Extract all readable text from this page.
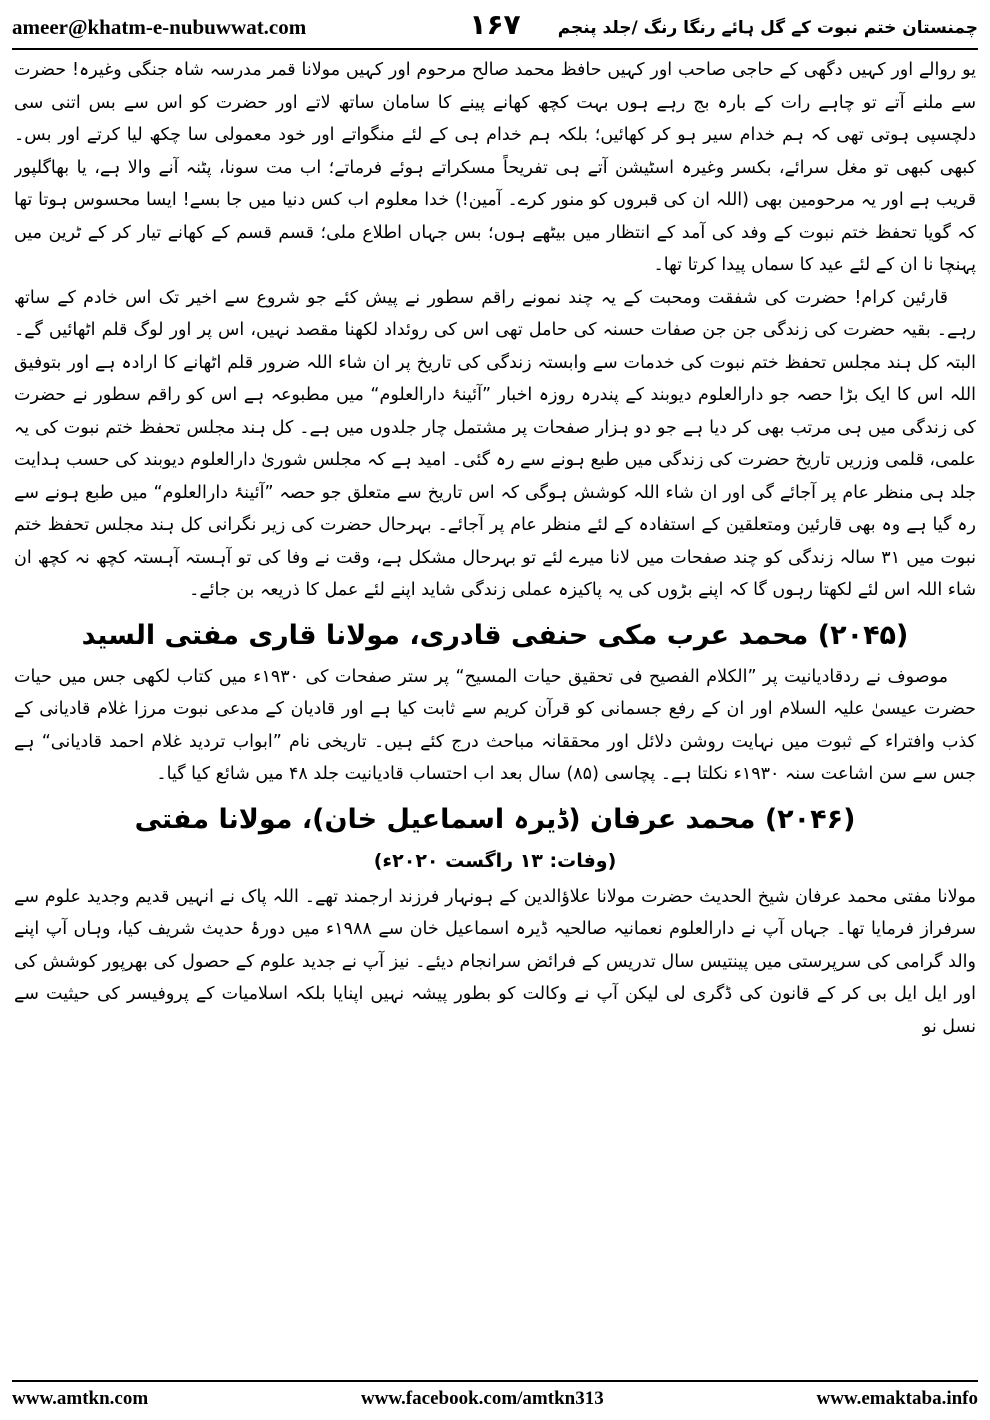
ameer@khatm-e-nubuwwat.com	۱۶۷	چمنستان ختم نبوت کے گل ہائے رنگا رنگ /جلد پنجم

یو روالے اور کہیں دگھی کے حاجی صاحب اور کہیں حافظ محمد صالح مرحوم اور کہیں مولانا قمر مدرسہ شاہ جنگی وغیرہ! حضرت سے ملنے آتے تو چاہے رات کے بارہ بج رہے ہوں بہت کچھ کھانے پینے کا سامان ساتھ لاتے اور حضرت کو اس سے بس اتنی سی دلچسپی ہوتی تھی کہ ہم خدام سیر ہو کر کھائیں؛ بلکہ ہم خدام ہی کے لئے منگواتے اور خود معمولی سا چکھ لیا کرتے اور بس۔ کبھی کبھی تو مغل سرائے، بکسر وغیرہ اسٹیشن آتے ہی تفریحاً مسکراتے ہوئے فرماتے؛ اب مت سونا، پٹنہ آنے والا ہے، یا بھاگلپور قریب ہے اور یہ مرحومین بھی (اللہ ان کی قبروں کو منور کرے۔ آمین!) خدا معلوم اب کس دنیا میں جا بسے! ایسا محسوس ہوتا تھا کہ گویا تحفظ ختم نبوت کے وفد کی آمد کے انتظار میں بیٹھے ہوں؛ بس جہاں اطلاع ملی؛ قسم قسم کے کھانے تیار کر کے ٹرین میں پہنچا نا ان کے لئے عید کا سماں پیدا کرتا تھا۔

قارئین کرام! حضرت کی شفقت ومحبت کے یہ چند نمونے راقم سطور نے پیش کئے جو شروع سے اخیر تک اس خادم کے ساتھ رہے۔ بقیہ حضرت کی زندگی جن جن صفات حسنہ کی حامل تھی اس کی روئداد لکھنا مقصد نہیں، اس پر اور لوگ قلم اٹھائیں گے۔ البتہ کل ہند مجلس تحفظ ختم نبوت کی خدمات سے وابستہ زندگی کی تاریخ پر ان شاء اللہ ضرور قلم اٹھانے کا ارادہ ہے اور بتوفیق اللہ اس کا ایک بڑا حصہ جو دارالعلوم دیوبند کے پندرہ روزہ اخبار ”آئینۂ دارالعلوم“ میں مطبوعہ ہے اس کو راقم سطور نے حضرت کی زندگی میں ہی مرتب بھی کر دیا ہے جو دو ہزار صفحات پر مشتمل چار جلدوں میں ہے۔ کل ہند مجلس تحفظ ختم نبوت کی یہ علمی، قلمی وزریں تاریخ حضرت کی زندگی میں طبع ہونے سے رہ گئی۔ امید ہے کہ مجلس شوریٰ دارالعلوم دیوبند کی حسب ہدایت جلد ہی منظر عام پر آجائے گی اور ان شاء اللہ کوشش ہوگی کہ اس تاریخ سے متعلق جو حصہ ”آئینۂ دارالعلوم“ میں طبع ہونے سے رہ گیا ہے وہ بھی قارئین ومتعلقین کے استفادہ کے لئے منظر عام پر آجائے۔ بہرحال حضرت کی زیر نگرانی کل ہند مجلس تحفظ ختم نبوت میں ۳۱ سالہ زندگی کو چند صفحات میں لانا میرے لئے تو بہرحال مشکل ہے، وقت نے وفا کی تو آہستہ آہستہ کچھ نہ کچھ ان شاء اللہ اس لئے لکھتا رہوں گا کہ اپنے بڑوں کی یہ پاکیزہ عملی زندگی شاید اپنے لئے عمل کا ذریعہ بن جائے۔

(۲۰۴۵) محمد عرب مکی حنفی قادری، مولانا قاری مفتی السید

موصوف نے ردقادیانیت پر ”الکلام الفصیح فی تحقیق حیات المسیح“ پر ستر صفحات کی ۱۹۳۰ء میں کتاب لکھی جس میں حیات حضرت عیسیٰ علیہ السلام اور ان کے رفع جسمانی کو قرآن کریم سے ثابت کیا ہے اور قادیان کے مدعی نبوت مرزا غلام قادیانی کے کذب وافتراء کے ثبوت میں نہایت روشن دلائل اور محققانہ مباحث درج کئے ہیں۔ تاریخی نام ”ابواب تردید غلام احمد قادیانی“ ہے جس سے سن اشاعت سنہ ۱۹۳۰ء نکلتا ہے۔ پچاسی (۸۵) سال بعد اب احتساب قادیانیت جلد ۴۸ میں شائع کیا گیا۔

(۲۰۴۶) محمد عرفان (ڈیرہ اسماعیل خان)، مولانا مفتی
(وفات: ۱۳ راگست ۲۰۲۰ء)

مولانا مفتی محمد عرفان شیخ الحدیث حضرت مولانا علاؤالدین کے ہونہار فرزند ارجمند تھے۔ اللہ پاک نے انہیں قدیم وجدید علوم سے سرفراز فرمایا تھا۔ جہاں آپ نے دارالعلوم نعمانیہ صالحیہ ڈیرہ اسماعیل خان سے ۱۹۸۸ء میں دورۂ حدیث شریف کیا، وہاں آپ اپنے والد گرامی کی سرپرستی میں پینتیس سال تدریس کے فرائض سرانجام دیئے۔ نیز آپ نے جدید علوم کے حصول کی بھرپور کوشش کی اور ایل ایل بی کر کے قانون کی ڈگری لی لیکن آپ نے وکالت کو بطور پیشہ نہیں اپنایا بلکہ اسلامیات کے پروفیسر کی حیثیت سے نسل نو

www.amtkn.com	www.facebook.com/amtkn313	www.emaktaba.info
